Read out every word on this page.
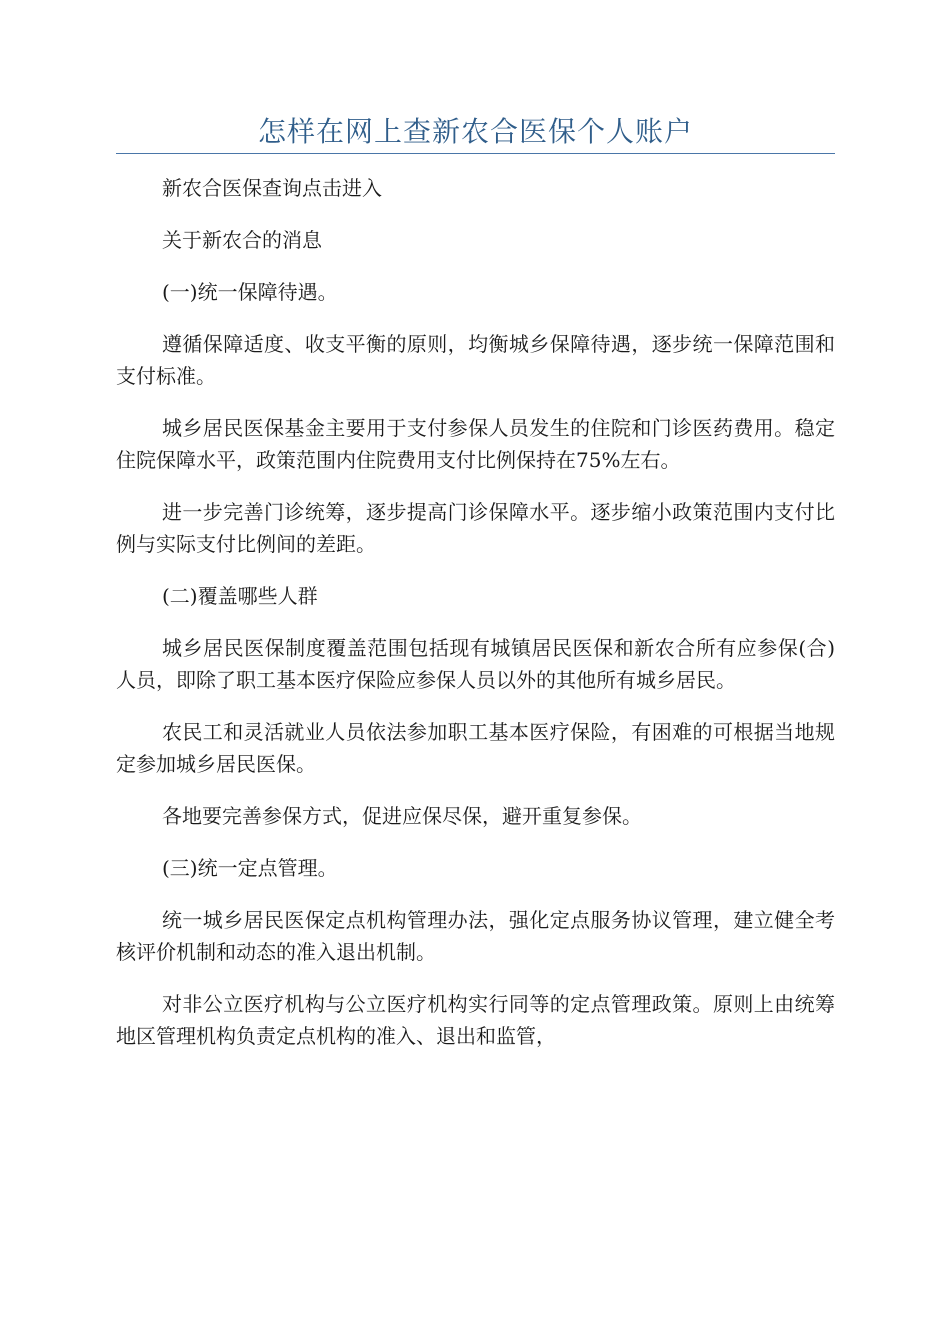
怎样在网上查新农合医保个人账户

新农合医保查询点击进入

关于新农合的消息

(一)统一保障待遇。

遵循保障适度、收支平衡的原则，均衡城乡保障待遇，逐步统一保障范围和支付标准。

城乡居民医保基金主要用于支付参保人员发生的住院和门诊医药费用。稳定住院保障水平，政策范围内住院费用支付比例保持在75%左右。

进一步完善门诊统筹，逐步提高门诊保障水平。逐步缩小政策范围内支付比例与实际支付比例间的差距。

(二)覆盖哪些人群

城乡居民医保制度覆盖范围包括现有城镇居民医保和新农合所有应参保(合)人员，即除了职工基本医疗保险应参保人员以外的其他所有城乡居民。

农民工和灵活就业人员依法参加职工基本医疗保险，有困难的可根据当地规定参加城乡居民医保。

各地要完善参保方式，促进应保尽保，避开重复参保。

(三)统一定点管理。

统一城乡居民医保定点机构管理办法，强化定点服务协议管理，建立健全考核评价机制和动态的准入退出机制。

对非公立医疗机构与公立医疗机构实行同等的定点管理政策。原则上由统筹地区管理机构负责定点机构的准入、退出和监管，
